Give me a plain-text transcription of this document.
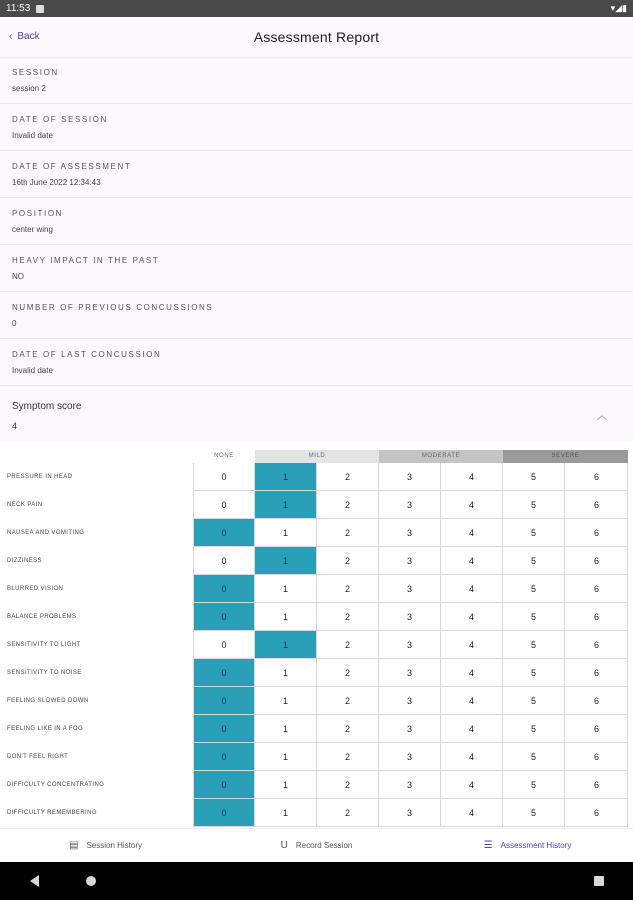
11:53	▾◢▮
‹ Back	Assessment Report
SESSION
session 2
DATE OF SESSION
Invalid date
DATE OF ASSESSMENT
16th June 2022 12:34:43
POSITION
center wing
HEAVY IMPACT IN THE PAST
NO
NUMBER OF PREVIOUS CONCUSSIONS
0
DATE OF LAST CONCUSSION
Invalid date
Symptom score
4
︿
NONE	MILD	MODERATE	SEVERE
PRESSURE IN HEAD	0	1	2	3	4	5	6
NECK PAIN	0	1	2	3	4	5	6
NAUSEA AND VOMITING	0	1	2	3	4	5	6
DIZZINESS	0	1	2	3	4	5	6
BLURRED VISION	0	1	2	3	4	5	6
BALANCE PROBLEMS	0	1	2	3	4	5	6
SENSITIVITY TO LIGHT	0	1	2	3	4	5	6
SENSITIVITY TO NOISE	0	1	2	3	4	5	6
FEELING SLOWED DOWN	0	1	2	3	4	5	6
FEELING LIKE IN A FOG	0	1	2	3	4	5	6
DON'T FEEL RIGHT	0	1	2	3	4	5	6
DIFFICULTY CONCENTRATING	0	1	2	3	4	5	6
DIFFICULTY REMEMBERING	0	1	2	3	4	5	6
▤ Session History	U Record Session	☰ Assessment History
